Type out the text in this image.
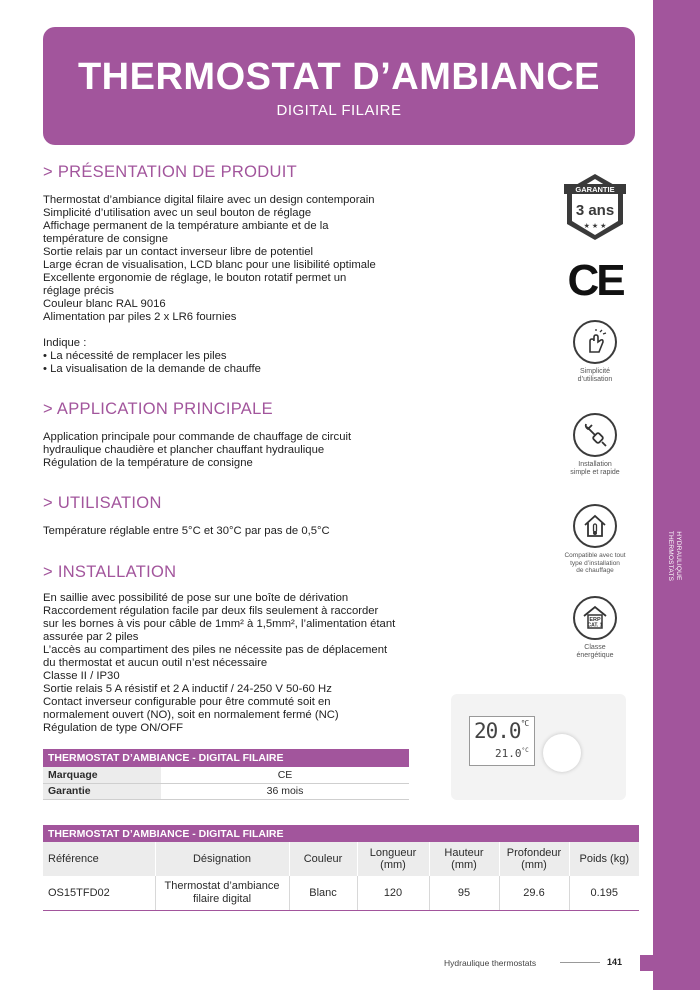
HYDRAULIQUE
THERMOSTATS
THERMOSTAT D’AMBIANCE
DIGITAL FILAIRE
> PRÉSENTATION DE PRODUIT
Thermostat d’ambiance digital filaire avec un design contemporain
Simplicité d’utilisation avec un seul bouton de réglage
Affichage permanent de la température ambiante et de la
température de consigne
Sortie relais par un contact inverseur libre de potentiel
Large écran de visualisation, LCD blanc pour une lisibilité optimale
Excellente ergonomie de réglage, le bouton rotatif permet un
réglage précis
Couleur blanc RAL 9016
Alimentation par piles 2 x LR6 fournies
Indique :
• La nécessité de remplacer les piles
• La visualisation de la demande de chauffe
> APPLICATION PRINCIPALE
Application principale pour commande de chauffage de circuit
hydraulique chaudière et plancher chauffant hydraulique
Régulation de la température de consigne
> UTILISATION
Température réglable entre 5°C et 30°C par pas de 0,5°C
> INSTALLATION
En saillie avec possibilité de pose sur une boîte de dérivation
Raccordement régulation facile par deux fils seulement à raccorder
sur les bornes à vis pour câble de 1mm² à 1,5mm², l’alimentation étant
assurée par 2 piles
L’accès au compartiment des piles ne nécessite pas de déplacement
du thermostat et aucun outil n’est nécessaire
Classe II / IP30
Sortie relais 5 A résistif et 2 A inductif / 24-250 V 50-60 Hz
Contact inverseur configurable pour être commuté soit en
normalement ouvert (NO), soit en normalement fermé (NC)
Régulation de type ON/OFF
GARANTIE
3 ans
★ ★ ★
CE
Simplicité
d’utilisation
Installation
simple et rapide
Compatible avec tout
type d’installation
de chauffage
ERP
CAT. 1
Classe
énergétique
$20.0^{^\circ C}$
$21.0^{^\circ C}$
THERMOSTAT D’AMBIANCE - DIGITAL FILAIRE	
Marquage	CE
Garantie	36 mois
THERMOSTAT D’AMBIANCE - DIGITAL FILAIRE						
Référence	Désignation	Couleur	Longueur (mm)	Hauteur (mm)	Profondeur (mm)	Poids (kg)
OS15TFD02	Thermostat d’ambiance
filaire digital	Blanc	120	95	29.6	0.195
Hydraulique thermostats	141
